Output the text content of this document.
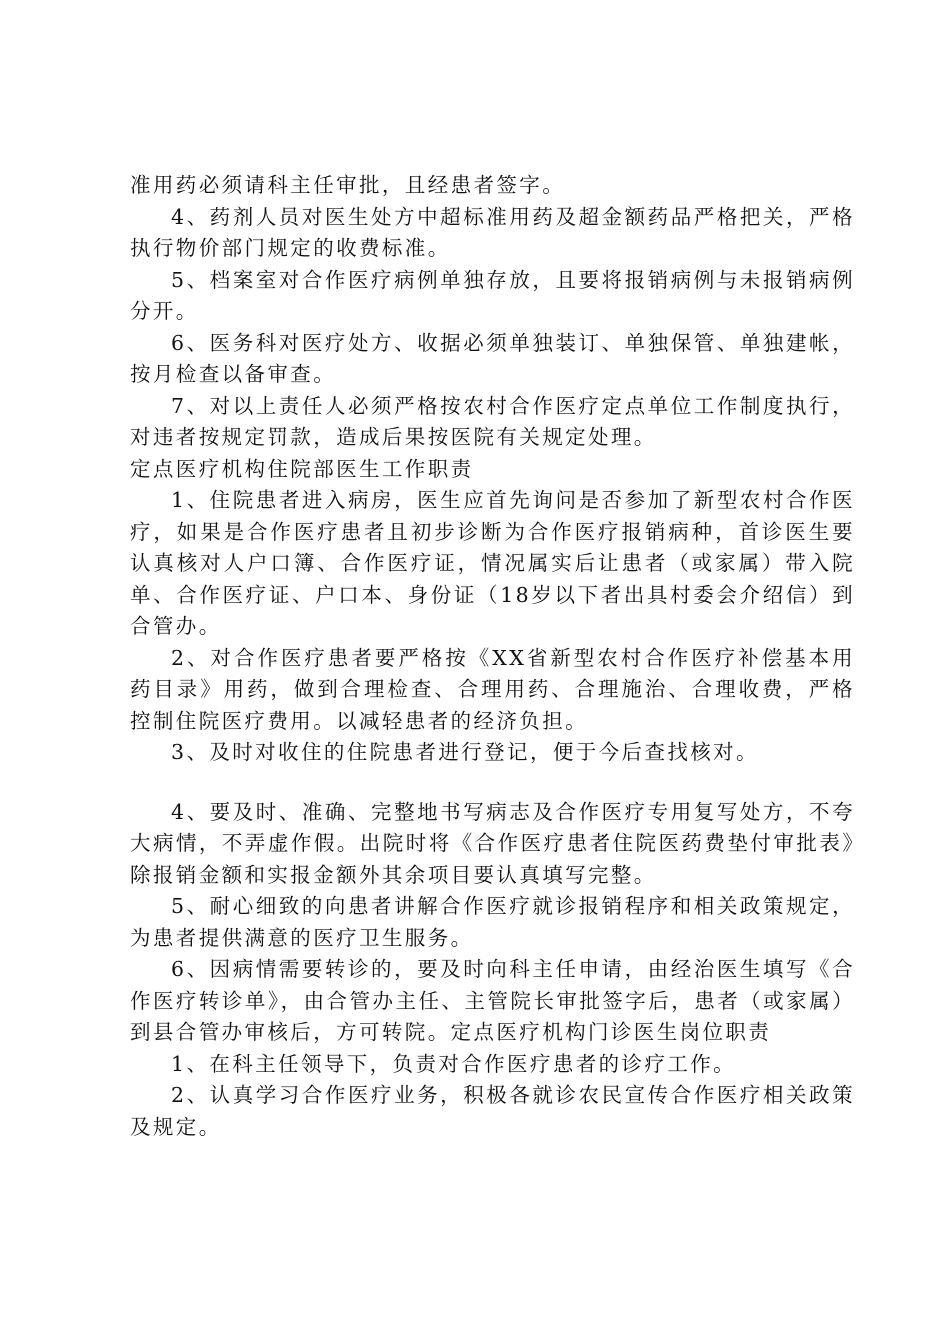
准用药必须请科主任审批，且经患者签字。

4、药剂人员对医生处方中超标准用药及超金额药品严格把关，严格执行物价部门规定的收费标准。

5、档案室对合作医疗病例单独存放，且要将报销病例与未报销病例分开。

6、医务科对医疗处方、收据必须单独装订、单独保管、单独建帐，按月检查以备审查。

7、对以上责任人必须严格按农村合作医疗定点单位工作制度执行，对违者按规定罚款，造成后果按医院有关规定处理。

定点医疗机构住院部医生工作职责

1、住院患者进入病房，医生应首先询问是否参加了新型农村合作医疗，如果是合作医疗患者且初步诊断为合作医疗报销病种，首诊医生要认真核对人户口簿、合作医疗证，情况属实后让患者（或家属）带入院单、合作医疗证、户口本、身份证（18岁以下者出具村委会介绍信）到合管办。

2、对合作医疗患者要严格按《XX省新型农村合作医疗补偿基本用药目录》用药，做到合理检查、合理用药、合理施治、合理收费，严格控制住院医疗费用。以减轻患者的经济负担。

3、及时对收住的住院患者进行登记，便于今后查找核对。

4、要及时、准确、完整地书写病志及合作医疗专用复写处方，不夸大病情，不弄虚作假。出院时将《合作医疗患者住院医药费垫付审批表》除报销金额和实报金额外其余项目要认真填写完整。

5、耐心细致的向患者讲解合作医疗就诊报销程序和相关政策规定，为患者提供满意的医疗卫生服务。

6、因病情需要转诊的，要及时向科主任申请，由经治医生填写《合作医疗转诊单》，由合管办主任、主管院长审批签字后，患者（或家属）到县合管办审核后，方可转院。定点医疗机构门诊医生岗位职责

1、在科主任领导下，负责对合作医疗患者的诊疗工作。

2、认真学习合作医疗业务，积极各就诊农民宣传合作医疗相关政策及规定。
